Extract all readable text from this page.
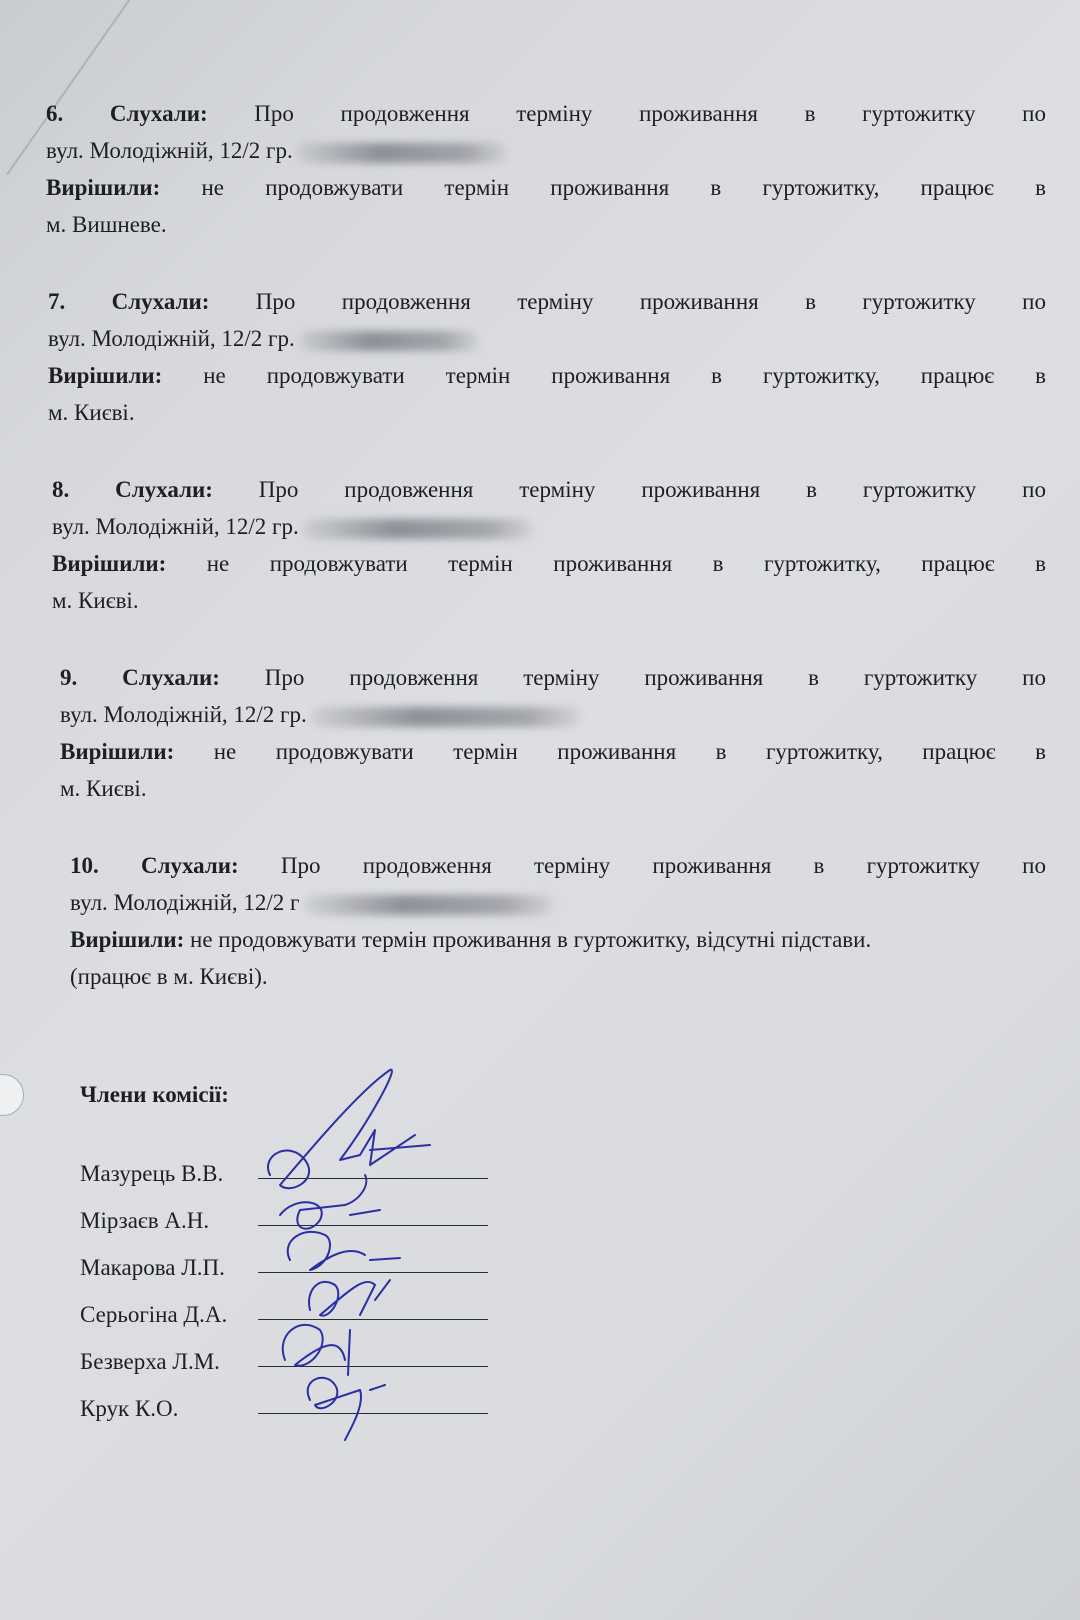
6. Слухали: Про продовження терміну проживання в гуртожитку по
вул. Молодіжній, 12/2 гр.
Вирішили: не продовжувати термін проживання в гуртожитку, працює в
м. Вишневе.
7. Слухали: Про продовження терміну проживання в гуртожитку по
вул. Молодіжній, 12/2 гр.
Вирішили: не продовжувати термін проживання в гуртожитку, працює в
м. Києві.
8. Слухали: Про продовження терміну проживання в гуртожитку по
вул. Молодіжній, 12/2 гр.
Вирішили: не продовжувати термін проживання в гуртожитку, працює в
м. Києві.
9. Слухали: Про продовження терміну проживання в гуртожитку по
вул. Молодіжній, 12/2 гр.
Вирішили: не продовжувати термін проживання в гуртожитку, працює в
м. Києві.
10. Слухали: Про продовження терміну проживання в гуртожитку по
вул. Молодіжній, 12/2 г
Вирішили: не продовжувати термін проживання в гуртожитку, відсутні підстави.
(працює в м. Києві).
Члени комісії:
Мазурець В.В.
Мірзаєв А.Н.
Макарова Л.П.
Серьогіна Д.А.
Безверха Л.М.
Крук К.О.
